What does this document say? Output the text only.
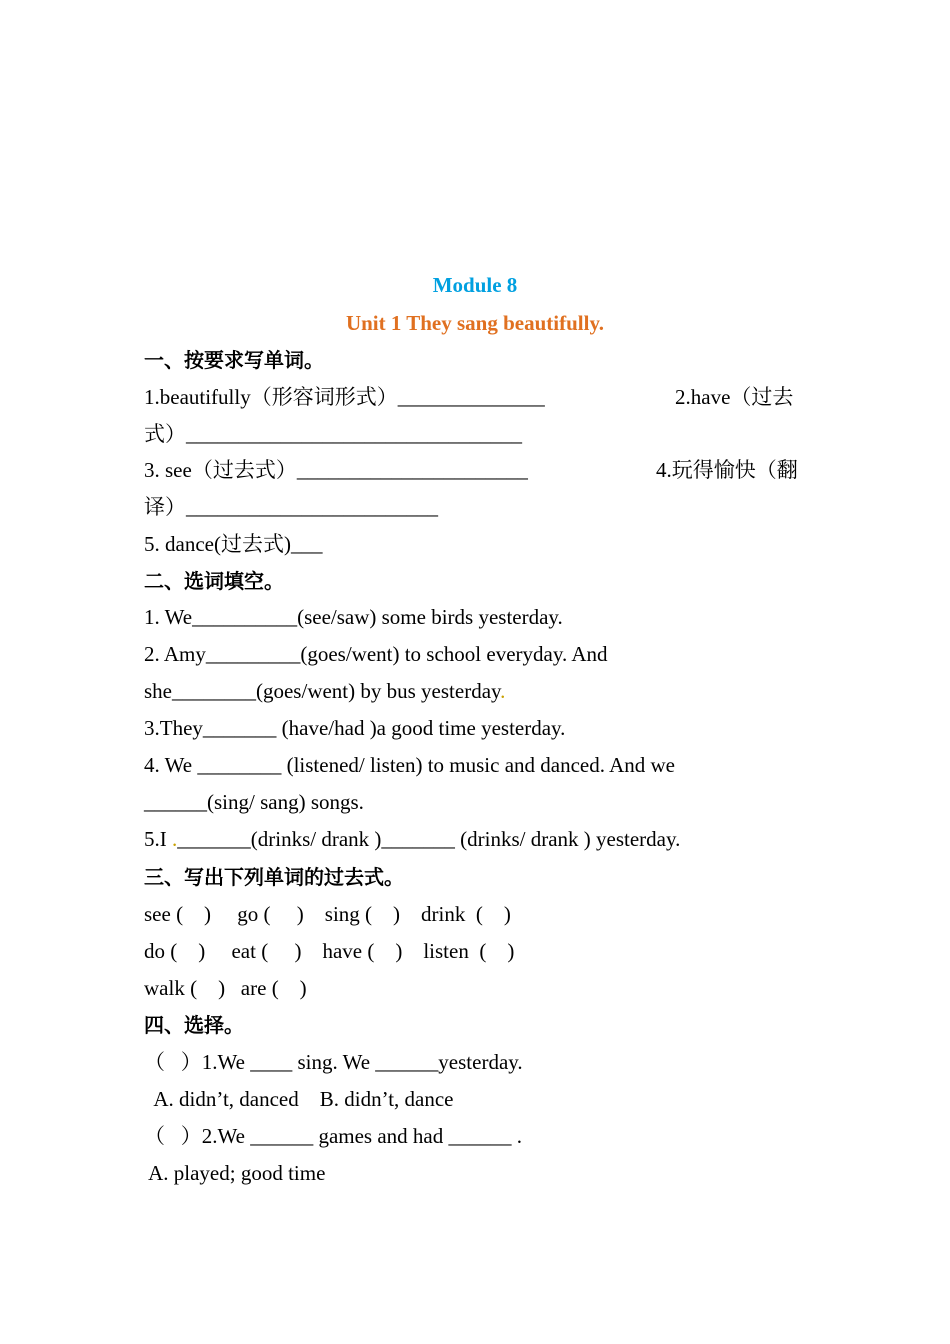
Module 8
Unit 1 They sang beautifully.
一、按要求写单词。
1.beautifully（形容词形式）______________	2.have（过去
式）________________________________
3. see（过去式）______________________	4.玩得愉快（翻
译）________________________
5. dance(过去式)___
二、选词填空。
1. We__________(see/saw) some birds yesterday.
2. Amy_________(goes/went) to school everyday. And
she________(goes/went) by bus yesterday.
3.They_______ (have/had )a good time yesterday.
4. We ________ (listened/ listen) to music and danced. And we
______(sing/ sang) songs.
5.I ._______(drinks/ drank )_______ (drinks/ drank ) yesterday.
三、写出下列单词的过去式。
see (    )     go (     )    sing (    )    drink  (    )
do (    )     eat (     )    have (    )    listen  (    )
walk (    )   are (    )
四、选择。
（   ）1.We ____ sing. We ______yesterday.
A. didn’t, danced    B. didn’t, dance
（   ）2.We ______ games and had ______ .
A. played; good time
